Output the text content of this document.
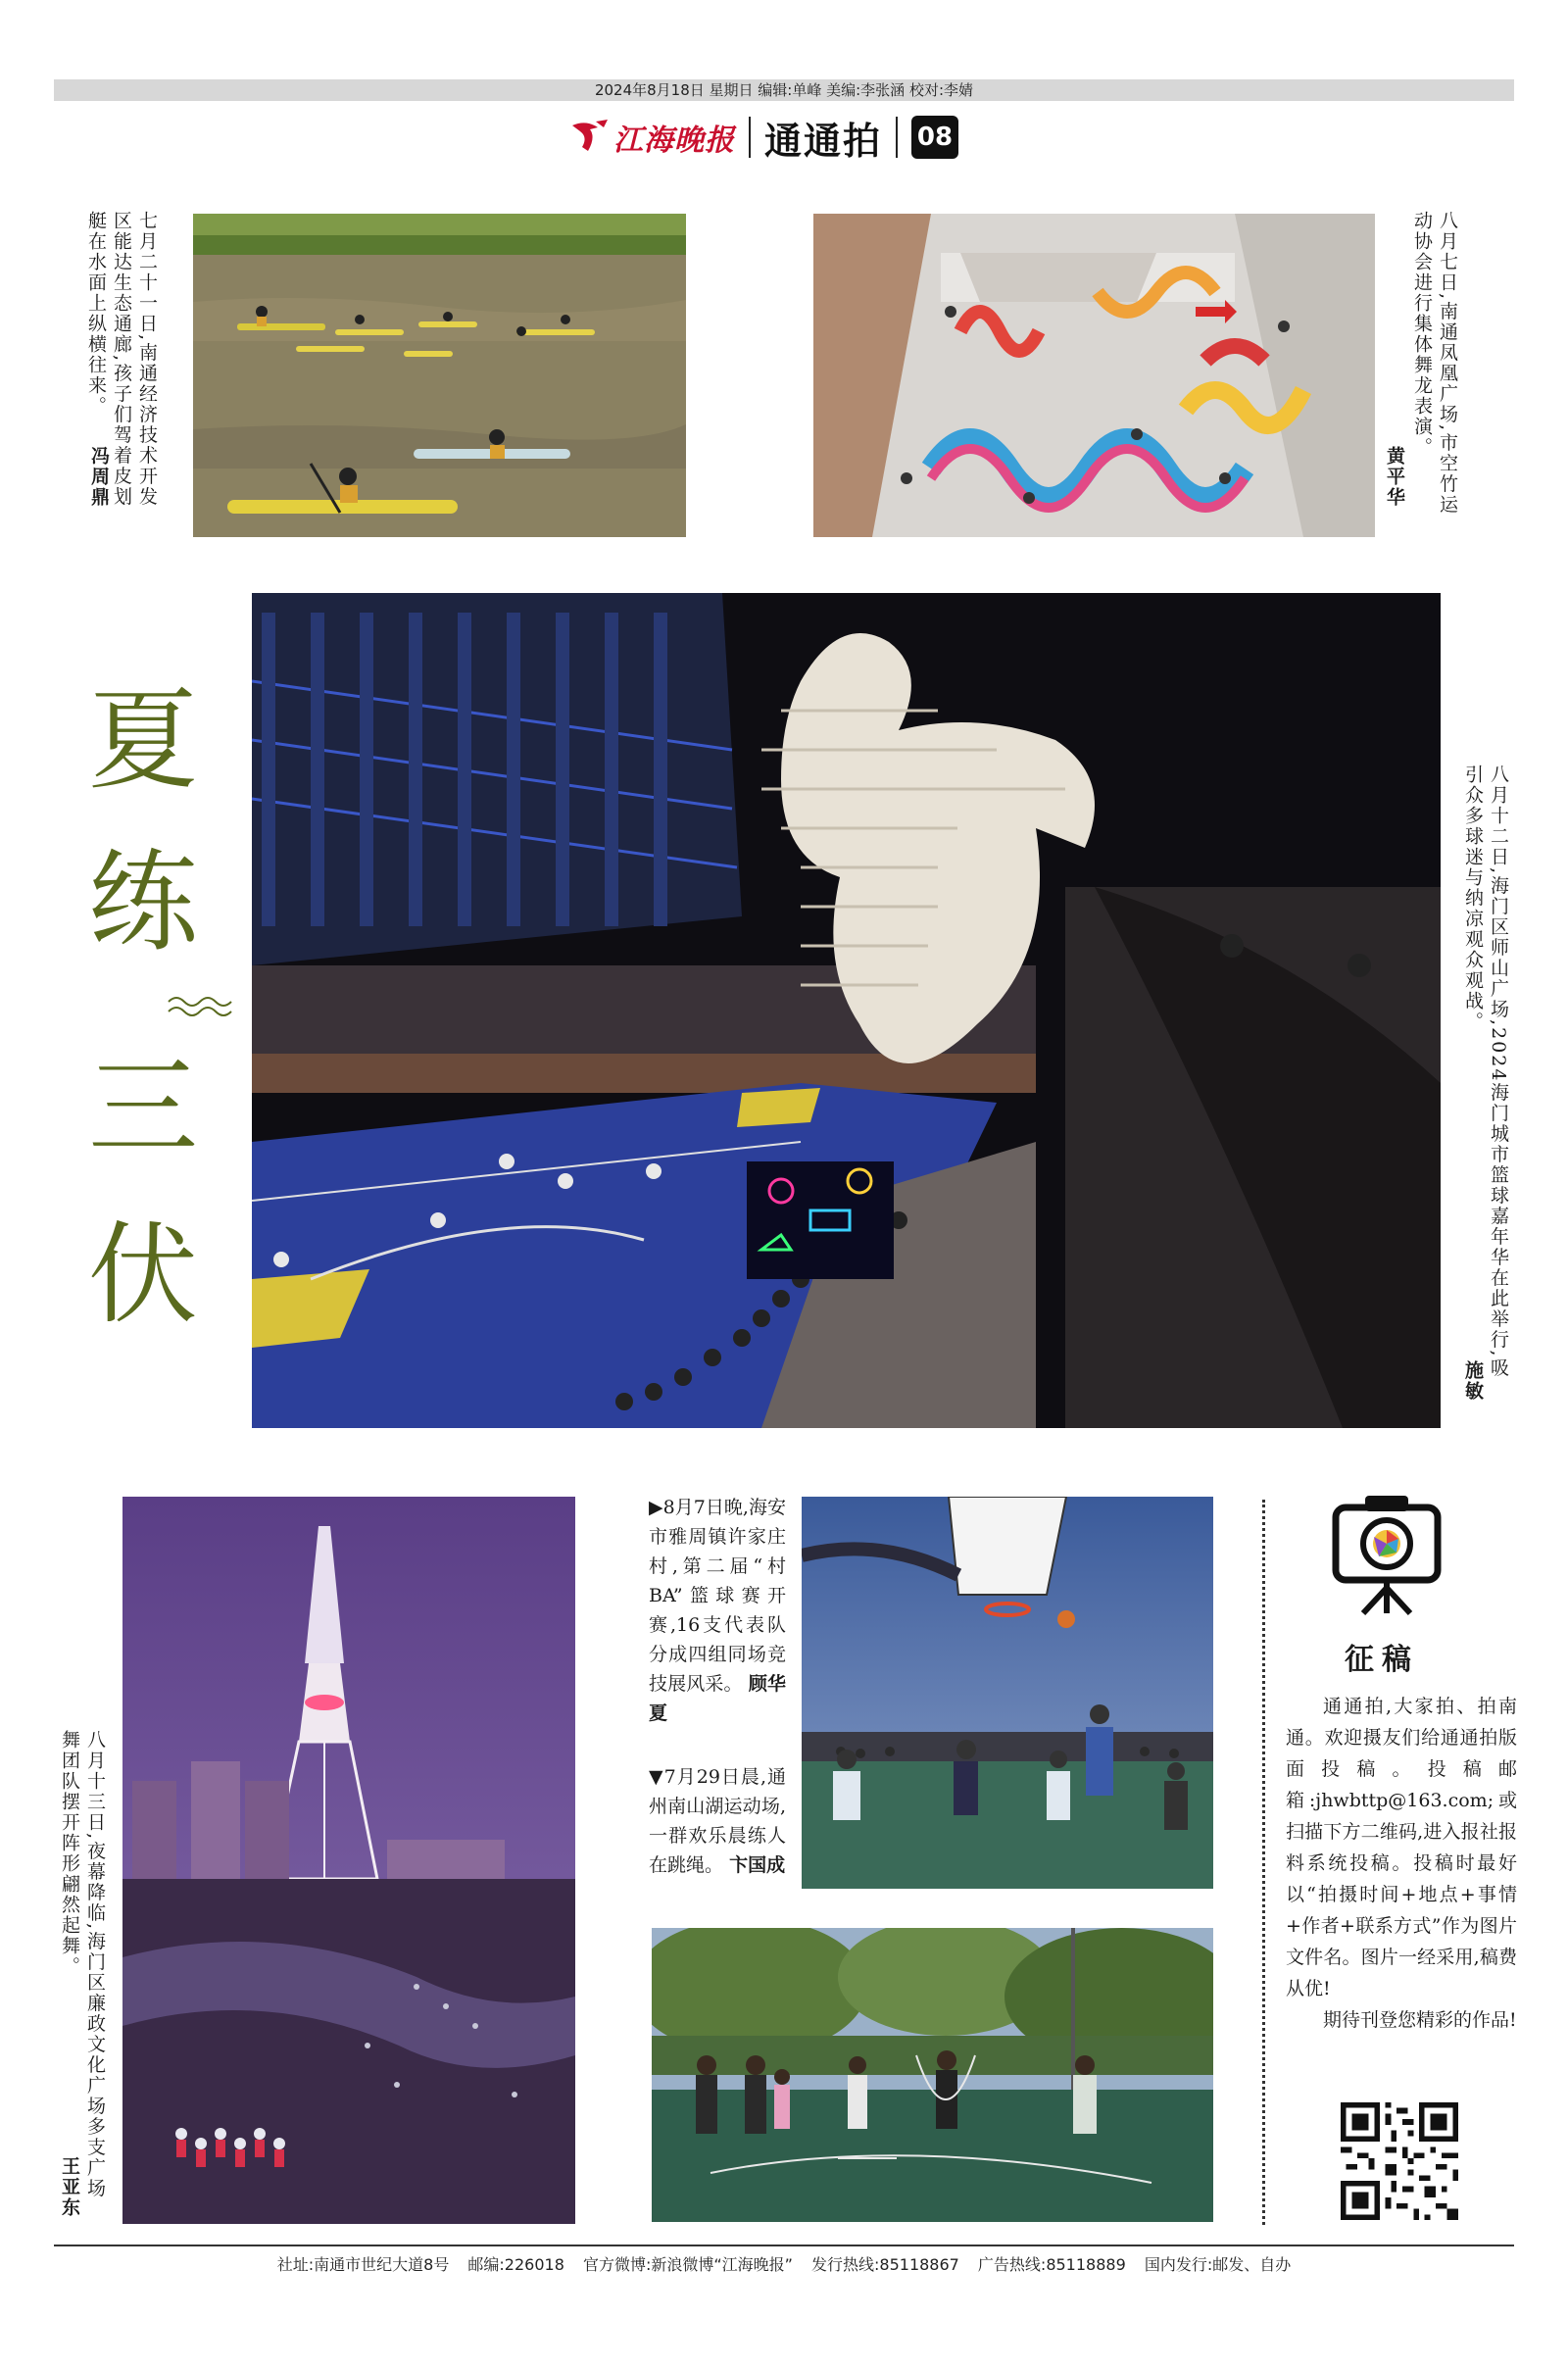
2024年8月18日 星期日 编辑:单峰 美编:李张涵 校对:李婧
江海晚报 通通拍 08
七月二十一日,南通经济技术开发区能达生态通廊,孩子们驾着皮划艇在水面上纵横往来。
冯周鼎	八月七日,南通凤凰广场,市空竹运动协会进行集体舞龙表演。
黄平华
夏
练
三
伏	八月十二日,海门区师山广场,2024海门城市篮球嘉年华在此举行,吸引众多球迷与纳凉观众观战。
施敏
八月十三日,夜幕降临,海门区廉政文化广场多支广场舞团队摆开阵形翩然起舞。
王亚东
▶8月7日晚,海安市雅周镇许家庄村,第二届“村BA”篮球赛开赛,16支代表队分成四组同场竞技展风采。 顾华夏
▼7月29日晨,通州南山湖运动场,一群欢乐晨练人在跳绳。 卞国成
征稿
通通拍,大家拍、拍南通。欢迎摄友们给通通拍版面投稿。投稿邮箱:jhwbttp@163.com;或扫描下方二维码,进入报社报料系统投稿。投稿时最好以“拍摄时间+地点+事情+作者+联系方式”作为图片文件名。图片一经采用,稿费从优!
期待刊登您精彩的作品!
社址:南通市世纪大道8号 邮编:226018 官方微博:新浪微博“江海晚报” 发行热线:85118867 广告热线:85118889 国内发行:邮发、自办
